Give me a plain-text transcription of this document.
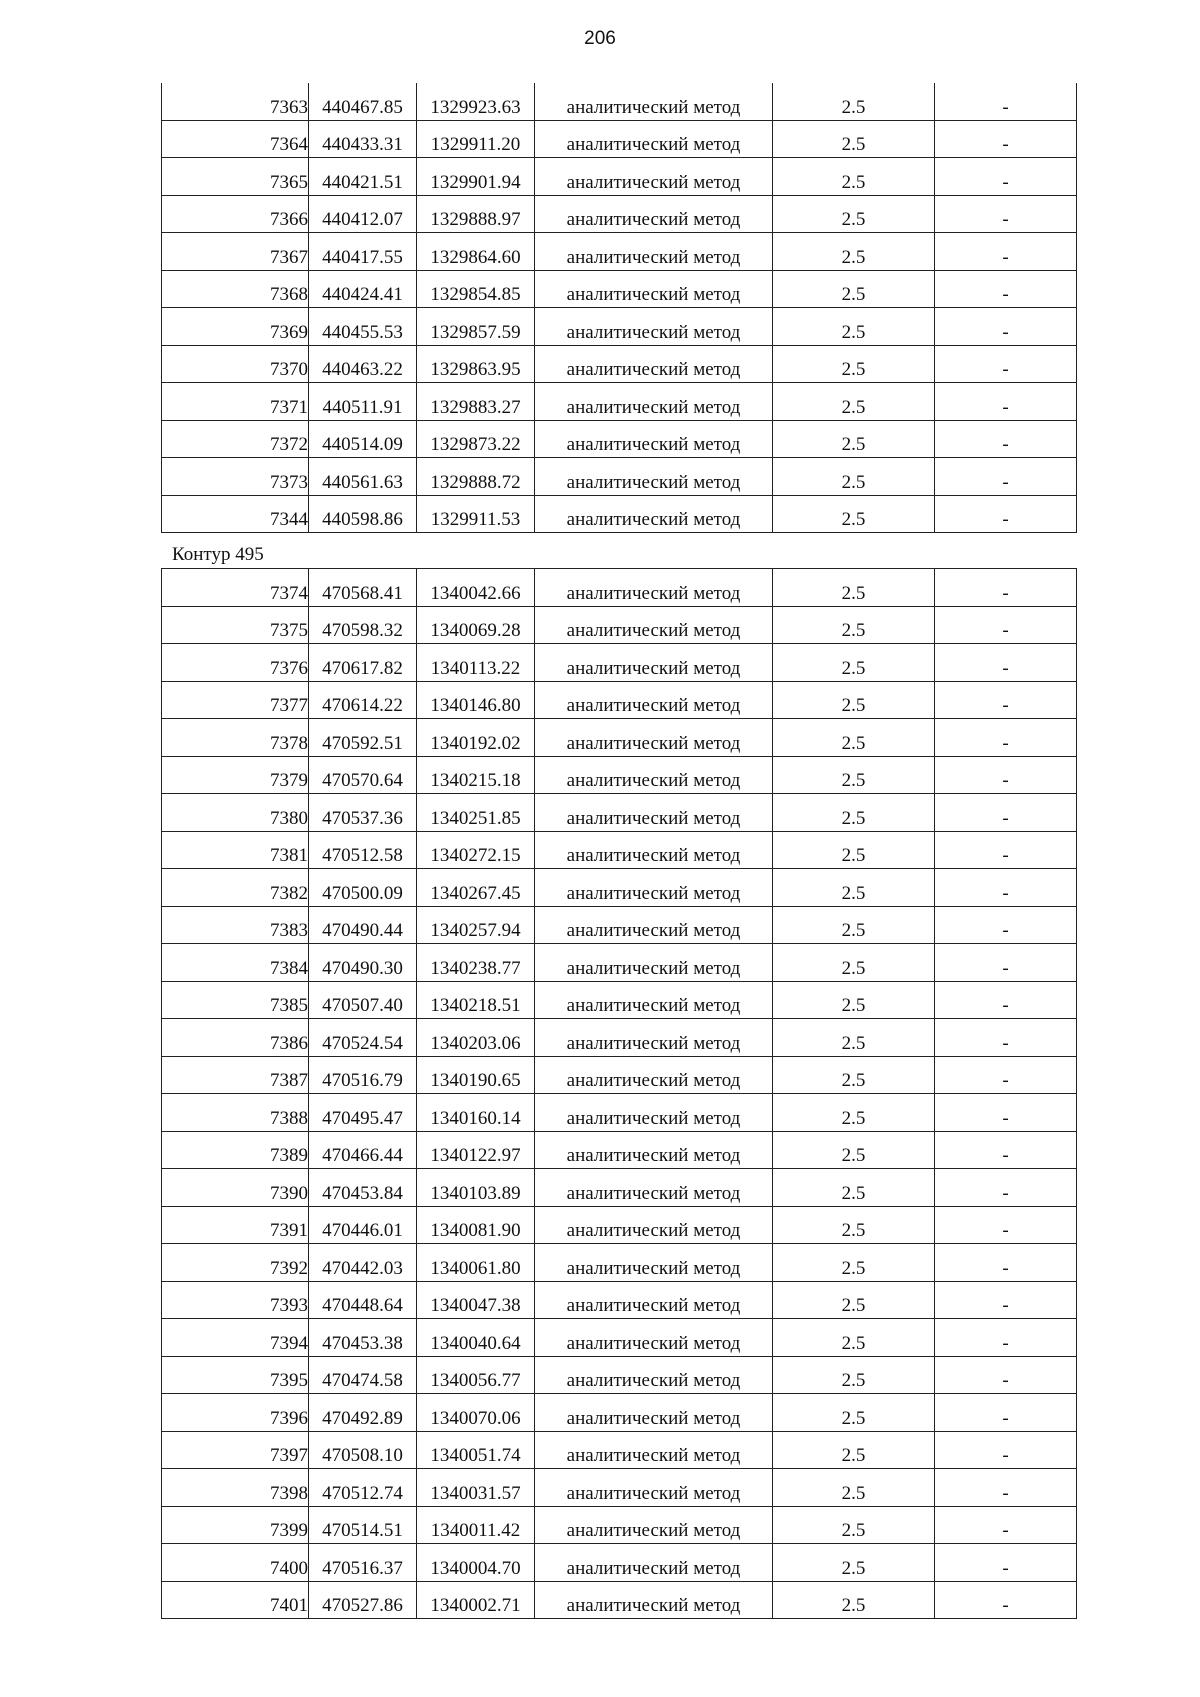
206
7363	440467.85	1329923.63	аналитический метод	2.5	-
7364	440433.31	1329911.20	аналитический метод	2.5	-
7365	440421.51	1329901.94	аналитический метод	2.5	-
7366	440412.07	1329888.97	аналитический метод	2.5	-
7367	440417.55	1329864.60	аналитический метод	2.5	-
7368	440424.41	1329854.85	аналитический метод	2.5	-
7369	440455.53	1329857.59	аналитический метод	2.5	-
7370	440463.22	1329863.95	аналитический метод	2.5	-
7371	440511.91	1329883.27	аналитический метод	2.5	-
7372	440514.09	1329873.22	аналитический метод	2.5	-
7373	440561.63	1329888.72	аналитический метод	2.5	-
7344	440598.86	1329911.53	аналитический метод	2.5	-
Контур 495
7374	470568.41	1340042.66	аналитический метод	2.5	-
7375	470598.32	1340069.28	аналитический метод	2.5	-
7376	470617.82	1340113.22	аналитический метод	2.5	-
7377	470614.22	1340146.80	аналитический метод	2.5	-
7378	470592.51	1340192.02	аналитический метод	2.5	-
7379	470570.64	1340215.18	аналитический метод	2.5	-
7380	470537.36	1340251.85	аналитический метод	2.5	-
7381	470512.58	1340272.15	аналитический метод	2.5	-
7382	470500.09	1340267.45	аналитический метод	2.5	-
7383	470490.44	1340257.94	аналитический метод	2.5	-
7384	470490.30	1340238.77	аналитический метод	2.5	-
7385	470507.40	1340218.51	аналитический метод	2.5	-
7386	470524.54	1340203.06	аналитический метод	2.5	-
7387	470516.79	1340190.65	аналитический метод	2.5	-
7388	470495.47	1340160.14	аналитический метод	2.5	-
7389	470466.44	1340122.97	аналитический метод	2.5	-
7390	470453.84	1340103.89	аналитический метод	2.5	-
7391	470446.01	1340081.90	аналитический метод	2.5	-
7392	470442.03	1340061.80	аналитический метод	2.5	-
7393	470448.64	1340047.38	аналитический метод	2.5	-
7394	470453.38	1340040.64	аналитический метод	2.5	-
7395	470474.58	1340056.77	аналитический метод	2.5	-
7396	470492.89	1340070.06	аналитический метод	2.5	-
7397	470508.10	1340051.74	аналитический метод	2.5	-
7398	470512.74	1340031.57	аналитический метод	2.5	-
7399	470514.51	1340011.42	аналитический метод	2.5	-
7400	470516.37	1340004.70	аналитический метод	2.5	-
7401	470527.86	1340002.71	аналитический метод	2.5	-
